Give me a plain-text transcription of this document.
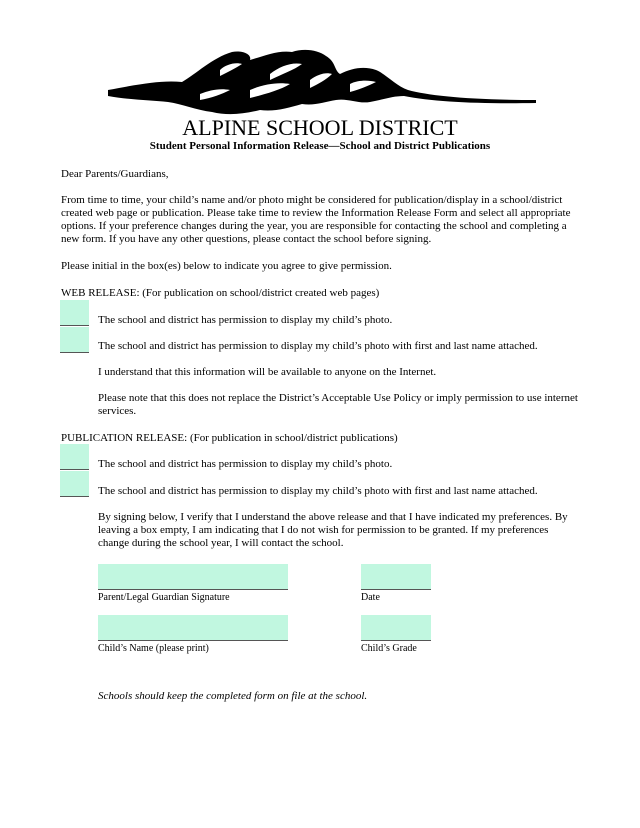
ALPINE SCHOOL DISTRICT
Student Personal Information Release—School and District Publications
Dear Parents/Guardians,
From time to time, your child’s name and/or photo might be considered for publication/display in a school/district created web page or publication. Please take time to review the Information Release Form and select all appropriate options. If your preference changes during the year, you are responsible for contacting the school and completing a new form. If you have any other questions, please contact the school before signing.
Please initial in the box(es) below to indicate you agree to give permission.
WEB RELEASE: (For publication on school/district created web pages)
The school and district has permission to display my child’s photo.
The school and district has permission to display my child’s photo with first and last name attached.
I understand that this information will be available to anyone on the Internet.
Please note that this does not replace the District’s Acceptable Use Policy or imply permission to use internet services.
PUBLICATION RELEASE: (For publication in school/district publications)
The school and district has permission to display my child’s photo.
The school and district has permission to display my child’s photo with first and last name attached.
By signing below, I verify that I understand the above release and that I have indicated my preferences. By leaving a box empty, I am indicating that I do not wish for permission to be granted. If my preferences change during the school year, I will contact the school.
Parent/Legal Guardian Signature	Date
Child’s Name (please print)	Child’s Grade
Schools should keep the completed form on file at the school.
